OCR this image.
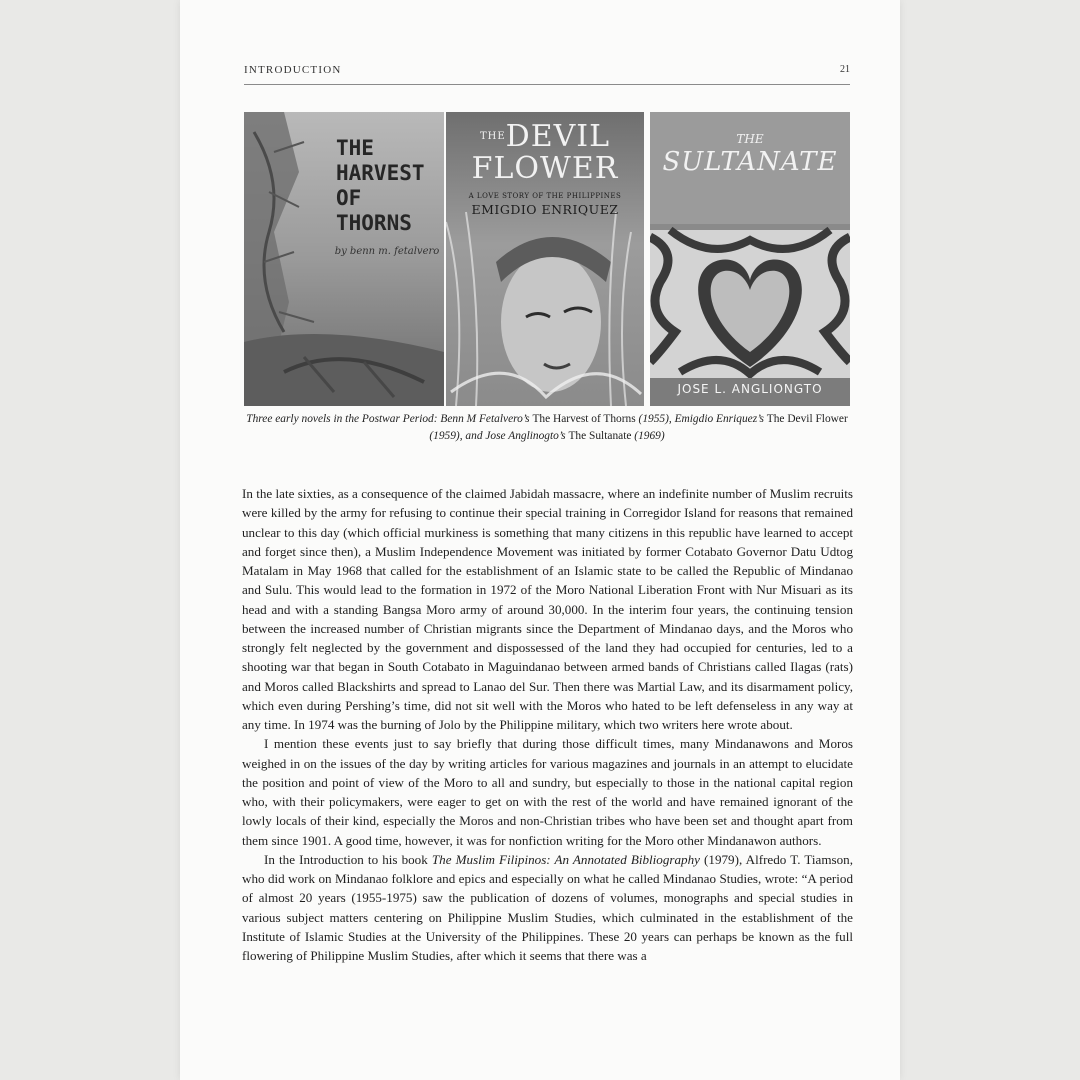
INTRODUCTION	21
THE
HARVEST
OF
THORNS
by benn m. fetalvero
$^{THE}$DEVIL
FLOWER
A LOVE STORY OF THE PHILIPPINES
EMIGDIO ENRIQUEZ
THE
SULTANATE
JOSE L. ANGLIONGTO
Three early novels in the Postwar Period: Benn M Fetalvero’s The Harvest of Thorns (1955), Emigdio Enriquez’s The Devil Flower (1959), and Jose Anglinogto’s The Sultanate (1969)

In the late sixties, as a consequence of the claimed Jabidah massacre, where an indefinite number of Muslim recruits were killed by the army for refusing to continue their special training in Corregidor Island for reasons that remained unclear to this day (which official murkiness is something that many citizens in this republic have learned to accept and forget since then), a Muslim Independence Movement was initiated by former Cotabato Governor Datu Udtog Matalam in May 1968 that called for the establishment of an Islamic state to be called the Republic of Mindanao and Sulu. This would lead to the formation in 1972 of the Moro National Liberation Front with Nur Misuari as its head and with a standing Bangsa Moro army of around 30,000. In the interim four years, the continuing tension between the increased number of Christian migrants since the Department of Mindanao days, and the Moros who strongly felt neglected by the government and dispossessed of the land they had occupied for centuries, led to a shooting war that began in South Cotabato in Maguindanao between armed bands of Christians called Ilagas (rats) and Moros called Blackshirts and spread to Lanao del Sur. Then there was Martial Law, and its disarmament policy, which even during Pershing’s time, did not sit well with the Moros who hated to be left defenseless in any way at any time. In 1974 was the burning of Jolo by the Philippine military, which two writers here wrote about.

I mention these events just to say briefly that during those difficult times, many Mindanawons and Moros weighed in on the issues of the day by writing articles for various magazines and journals in an attempt to elucidate the position and point of view of the Moro to all and sundry, but especially to those in the national capital region who, with their policymakers, were eager to get on with the rest of the world and have remained ignorant of the lowly locals of their kind, especially the Moros and non-Christian tribes who have been set and thought apart from them since 1901. A good time, however, it was for nonfiction writing for the Moro other Mindanawon authors.

In the Introduction to his book The Muslim Filipinos: An Annotated Bibliography (1979), Alfredo T. Tiamson, who did work on Mindanao folklore and epics and especially on what he called Mindanao Studies, wrote: “A period of almost 20 years (1955-1975) saw the publication of dozens of volumes, monographs and special studies in various subject matters centering on Philippine Muslim Studies, which culminated in the establishment of the Institute of Islamic Studies at the University of the Philippines. These 20 years can perhaps be known as the full flowering of Philippine Muslim Studies, after which it seems that there was a
